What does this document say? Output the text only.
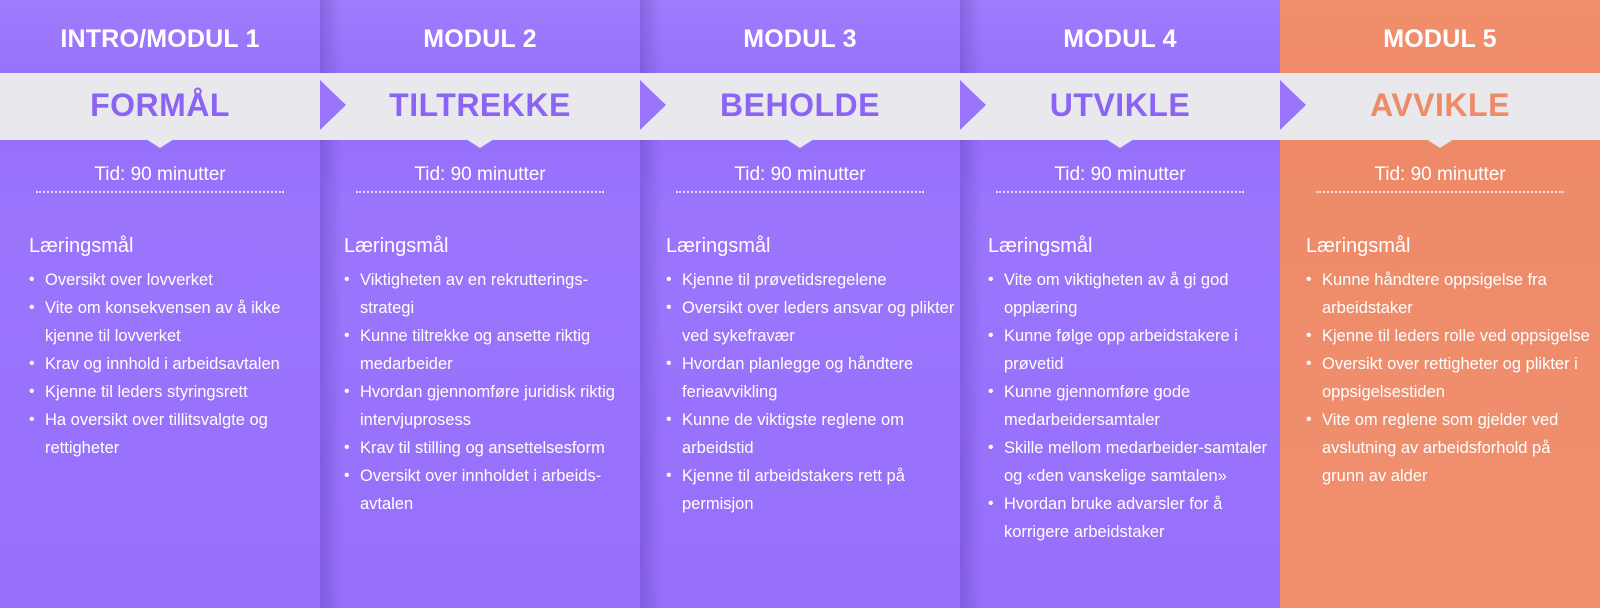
INTRO/MODUL 1
FORMÅL
Tid: 90 minutter
Læringsmål
• Oversikt over lovverket
• Vite om konsekvensen av å ikke kjenne til lovverket
• Krav og innhold i arbeidsavtalen
• Kjenne til leders styringsrett
• Ha oversikt over tillitsvalgte og rettigheter
MODUL 2
TILTREKKE
Tid: 90 minutter
Læringsmål
• Viktigheten av en rekrutterings-strategi
• Kunne tiltrekke og ansette riktig medarbeider
• Hvordan gjennomføre juridisk riktig intervjuprosess
• Krav til stilling og ansettelsesform
• Oversikt over innholdet i arbeids-avtalen
MODUL 3
BEHOLDE
Tid: 90 minutter
Læringsmål
• Kjenne til prøvetidsregelene
• Oversikt over leders ansvar og plikter ved sykefravær
• Hvordan planlegge og håndtere ferieavvikling
• Kunne de viktigste reglene om arbeidstid
• Kjenne til arbeidstakers rett på permisjon
MODUL 4
UTVIKLE
Tid: 90 minutter
Læringsmål
• Vite om viktigheten av å gi god opplæring
• Kunne følge opp arbeidstakere i prøvetid
• Kunne gjennomføre gode medarbeidersamtaler
• Skille mellom medarbeider-samtaler og «den vanskelige samtalen»
• Hvordan bruke advarsler for å korrigere arbeidstaker
MODUL 5
AVVIKLE
Tid: 90 minutter
Læringsmål
• Kunne håndtere oppsigelse fra arbeidstaker
• Kjenne til leders rolle ved oppsigelse
• Oversikt over rettigheter og plikter i oppsigelsestiden
• Vite om reglene som gjelder ved avslutning av arbeidsforhold på grunn av alder
